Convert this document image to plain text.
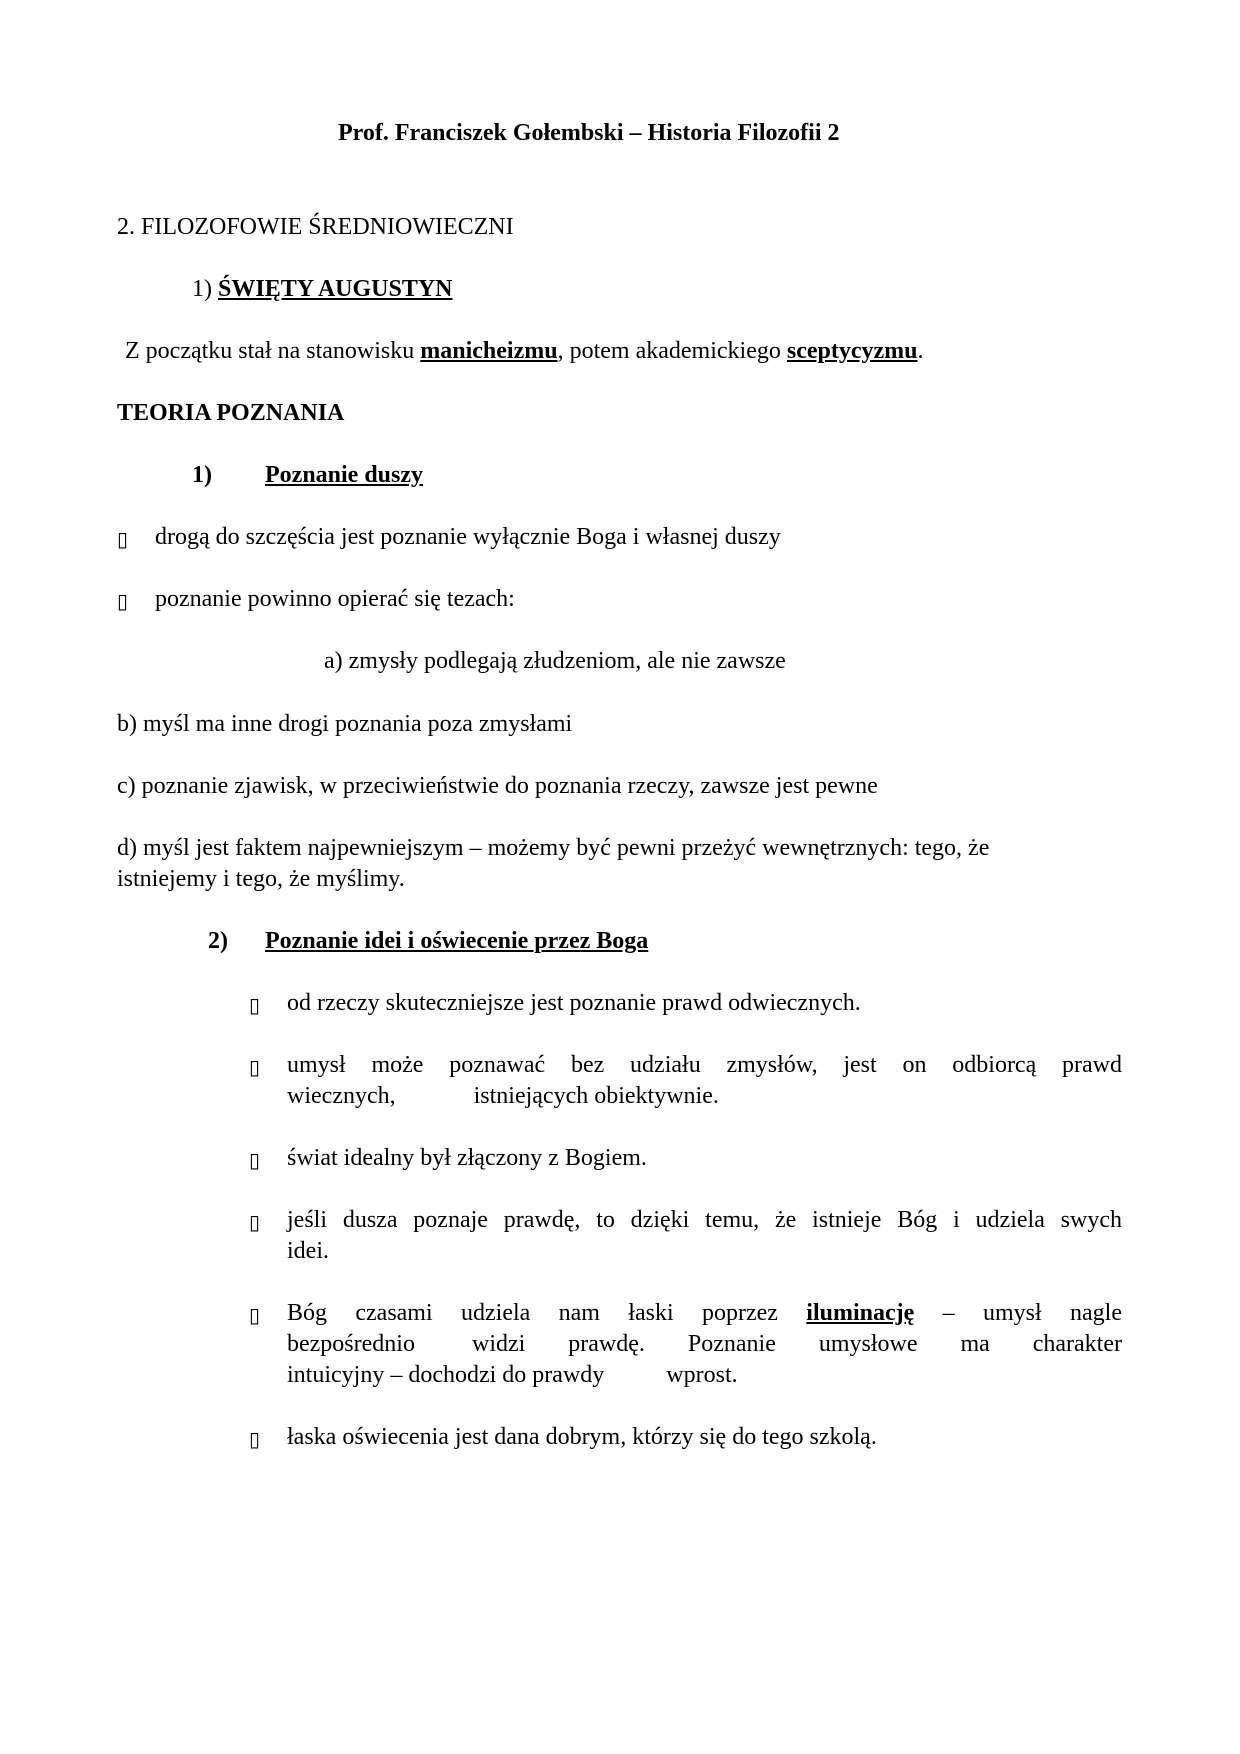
Prof. Franciszek Gołembski – Historia Filozofii 2
2. FILOZOFOWIE ŚREDNIOWIECZNI
1) ŚWIĘTY AUGUSTYN
Z początku stał na stanowisku manicheizmu, potem akademickiego sceptycyzmu.
TEORIA POZNANIA
1) Poznanie duszy
▯ drogą do szczęścia jest poznanie wyłącznie Boga i własnej duszy
▯ poznanie powinno opierać się tezach:
a) zmysły podlegają złudzeniom, ale nie zawsze
b) myśl ma inne drogi poznania poza zmysłami
c) poznanie zjawisk, w przeciwieństwie do poznania rzeczy, zawsze jest pewne
d) myśl jest faktem najpewniejszym – możemy być pewni przeżyć wewnętrznych: tego, że
istniejemy i tego, że myślimy.
2) Poznanie idei i oświecenie przez Boga
▯ od rzeczy skuteczniejsze jest poznanie prawd odwiecznych.
▯ umysł może poznawać bez udziału zmysłów, jest on odbiorcą prawd
wiecznych,	istniejących obiektywnie.
▯ świat idealny był złączony z Bogiem.
▯ jeśli dusza poznaje prawdę, to dzięki temu, że istnieje Bóg i udziela swych
idei.
▯ Bóg czasami udziela nam łaski poprzez iluminację – umysł nagle
bezpośrednio widzi prawdę. Poznanie umysłowe ma charakter
intuicyjny – dochodzi do prawdy	wprost.
▯ łaska oświecenia jest dana dobrym, którzy się do tego szkolą.
